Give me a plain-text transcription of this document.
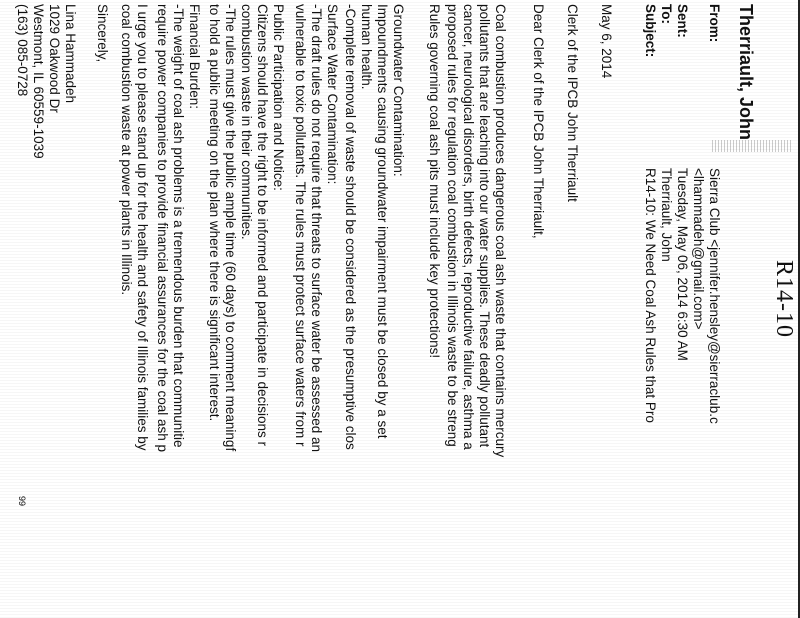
R14-10
Therriault, John
From:
Sierra Club <jennifer.hensley@sierraclub.c
<lhammadeh@gmail.com>
Sent:
Tuesday, May 06, 2014 6:30 AM
To:
Therriault, John
Subject:
R14-10: We Need Coal Ash Rules that Pro
May 6, 2014
Clerk of the IPCB John Therriault
Dear Clerk of the IPCB John Therriault,
Coal combustion produces dangerous coal ash waste that contains mercury
pollutants that are leaching into our water supplies. These deadly pollutant
cancer, neurological disorders, birth defects, reproductive failure, asthma a
proposed rules for regulation coal combustion in Illinois waste to be streng
Rules governing coal ash pits must include key protections!
Groundwater Contamination:
Impoundments causing groundwater impairment must be closed by a set
human health.
-Complete removal of waste should be considered as the presumptive clos
Surface Water Contamination:
-The draft rules do not require that threats to surface water be assessed an
vulnerable to toxic pollutants. The rules must protect surface waters from r
Public Participation and Notice:
Citizens should have the right to be informed and participate in decisions r
combustion waste in their communities.
-The rules must give the public ample time (60 days) to comment meaningf
to hold a public meeting on the plan where there is significant interest.
Financial Burden:
-The weight of coal ash problems is a tremendous burden that communitie
require power companies to provide financial assurances for the coal ash p
I urge you to please stand up for the health and safety of Illinois families by
coal combustion waste at power plants in Illinois.
Sincerely,
Lina Hammadeh
1029 Oakwood Dr
Westmont, IL 60559-1039
(163) 085-0728
99
